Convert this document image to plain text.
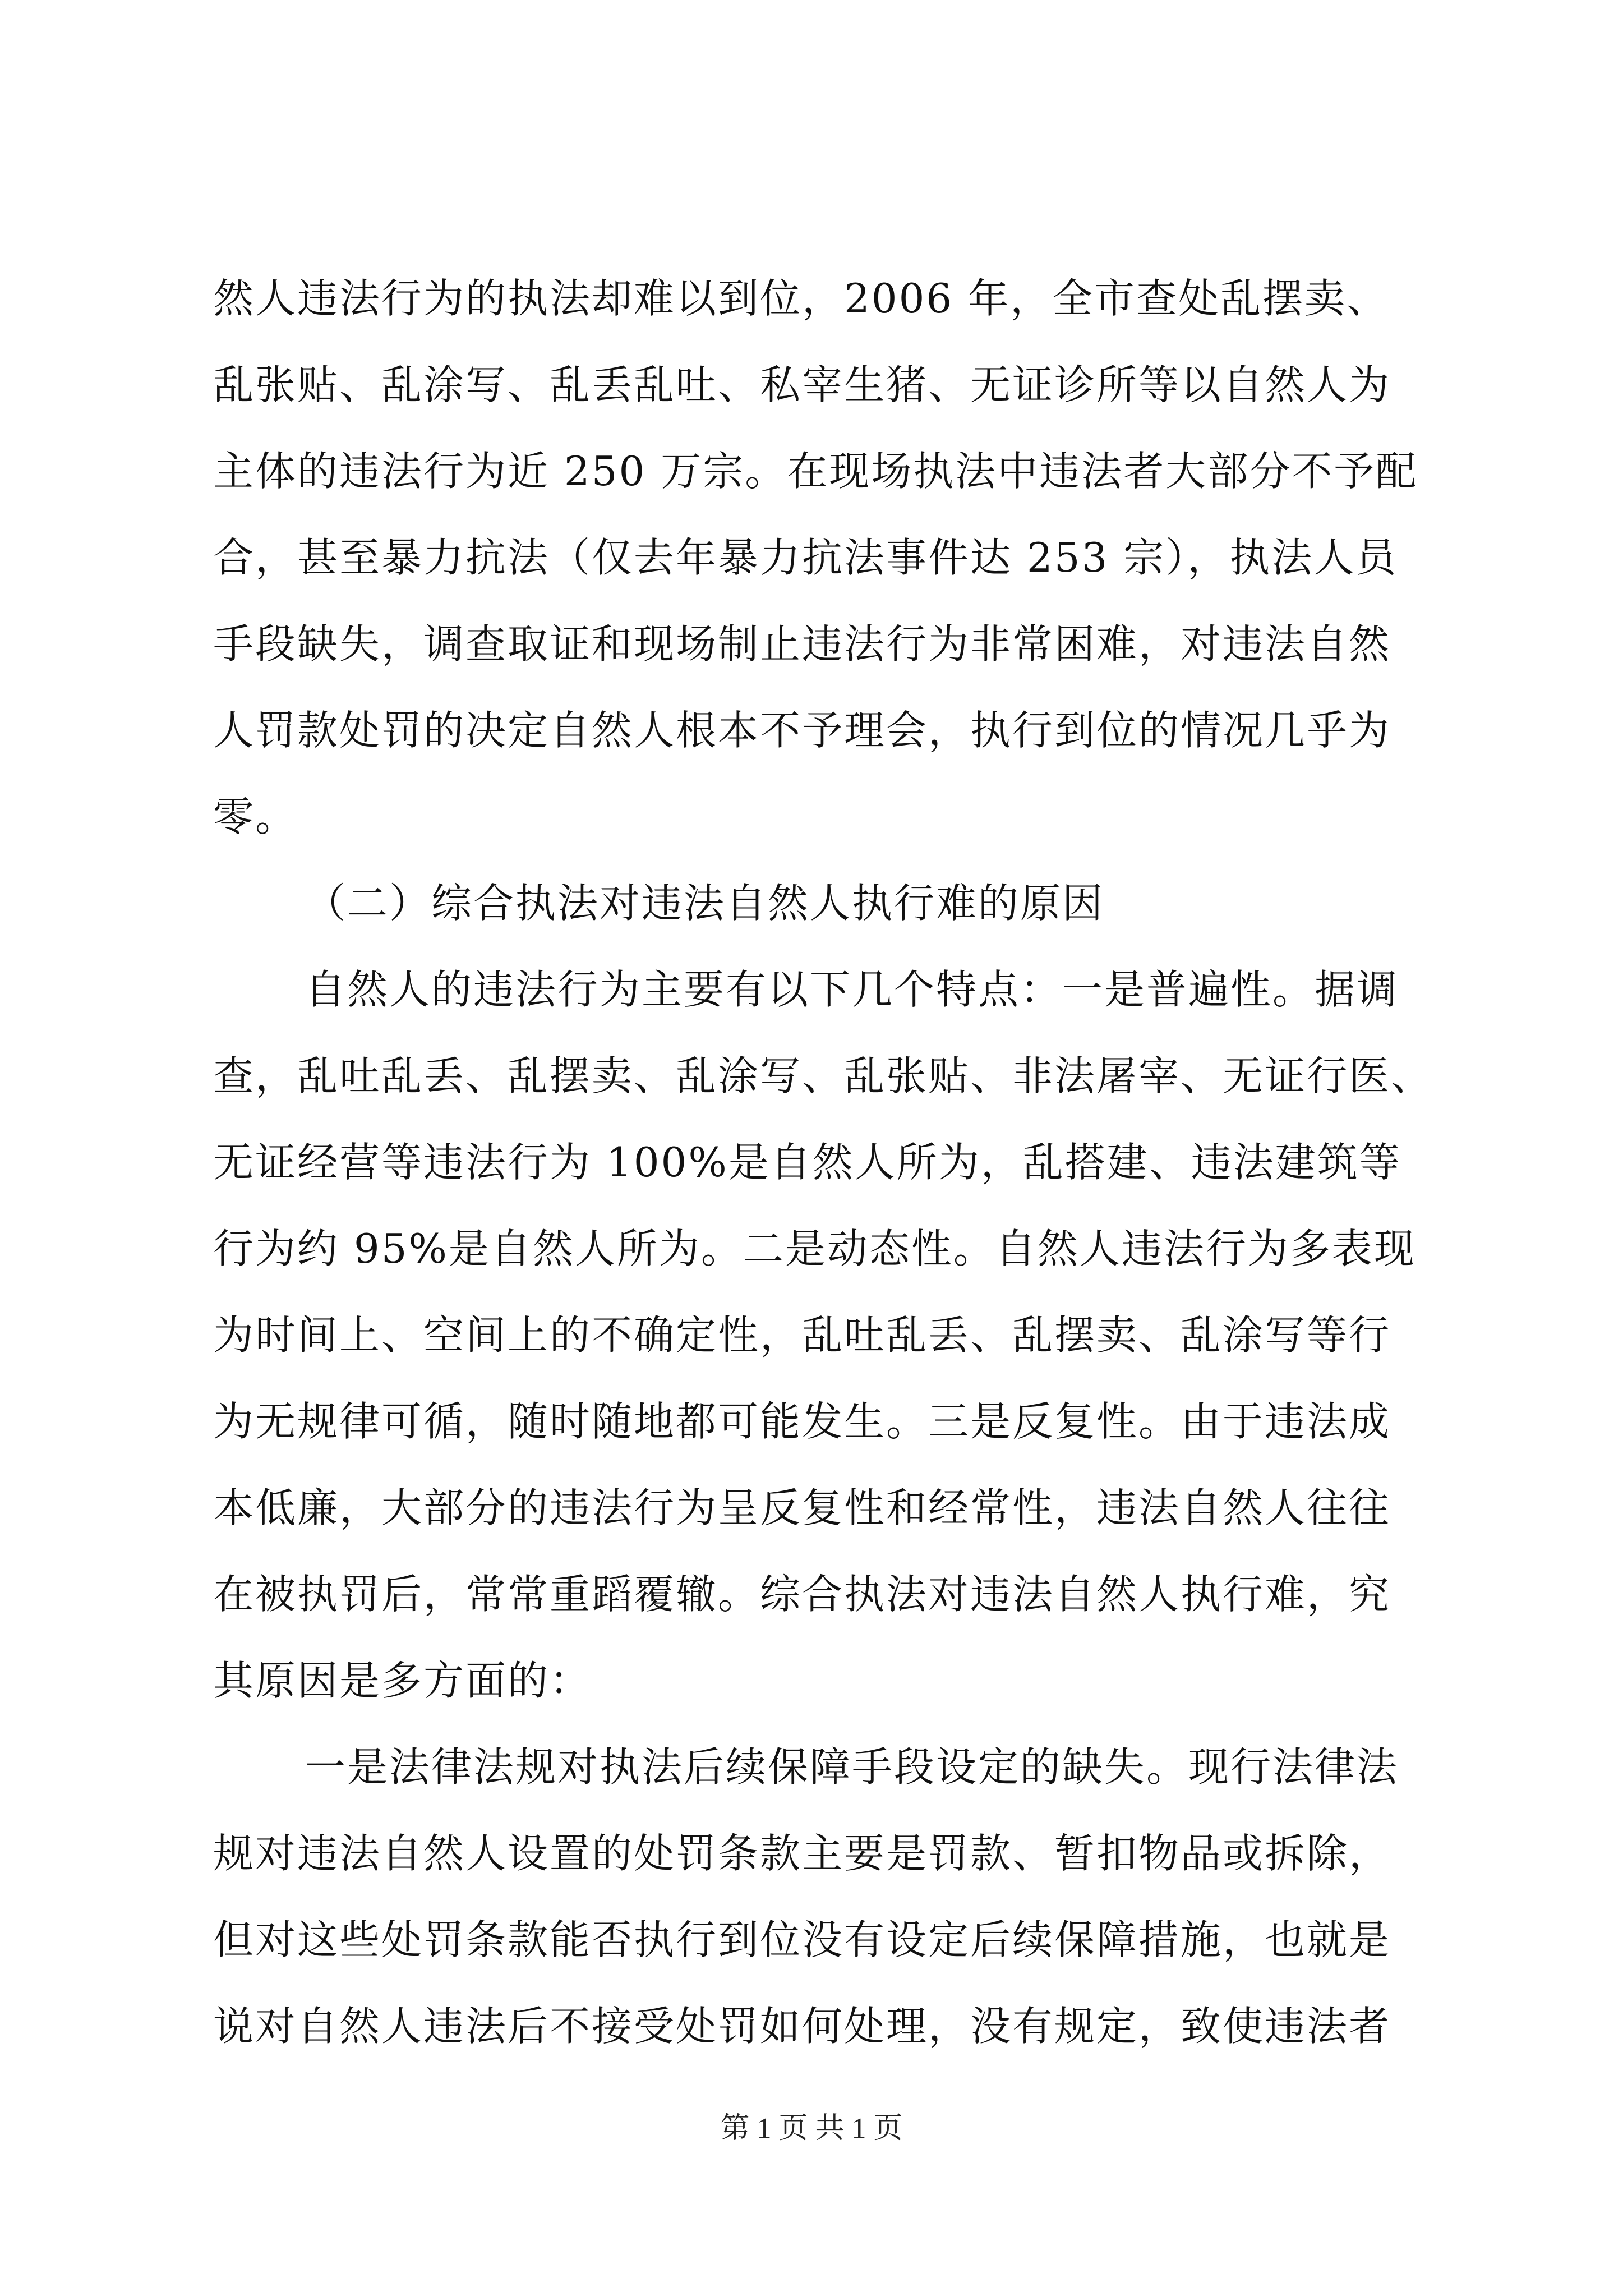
然人违法行为的执法却难以到位，2006 年，全市查处乱摆卖、
乱张贴、乱涂写、乱丢乱吐、私宰生猪、无证诊所等以自然人为
主体的违法行为近 250 万宗。在现场执法中违法者大部分不予配
合，甚至暴力抗法（仅去年暴力抗法事件达 253 宗），执法人员
手段缺失，调查取证和现场制止违法行为非常困难，对违法自然
人罚款处罚的决定自然人根本不予理会，执行到位的情况几乎为
零。
（二）综合执法对违法自然人执行难的原因
自然人的违法行为主要有以下几个特点：一是普遍性。据调
查，乱吐乱丢、乱摆卖、乱涂写、乱张贴、非法屠宰、无证行医、
无证经营等违法行为 100%是自然人所为，乱搭建、违法建筑等
行为约 95%是自然人所为。二是动态性。自然人违法行为多表现
为时间上、空间上的不确定性，乱吐乱丢、乱摆卖、乱涂写等行
为无规律可循，随时随地都可能发生。三是反复性。由于违法成
本低廉，大部分的违法行为呈反复性和经常性，违法自然人往往
在被执罚后，常常重蹈覆辙。综合执法对违法自然人执行难，究
其原因是多方面的：
一是法律法规对执法后续保障手段设定的缺失。现行法律法
规对违法自然人设置的处罚条款主要是罚款、暂扣物品或拆除，
但对这些处罚条款能否执行到位没有设定后续保障措施，也就是
说对自然人违法后不接受处罚如何处理，没有规定，致使违法者
第 1 页 共 1 页
